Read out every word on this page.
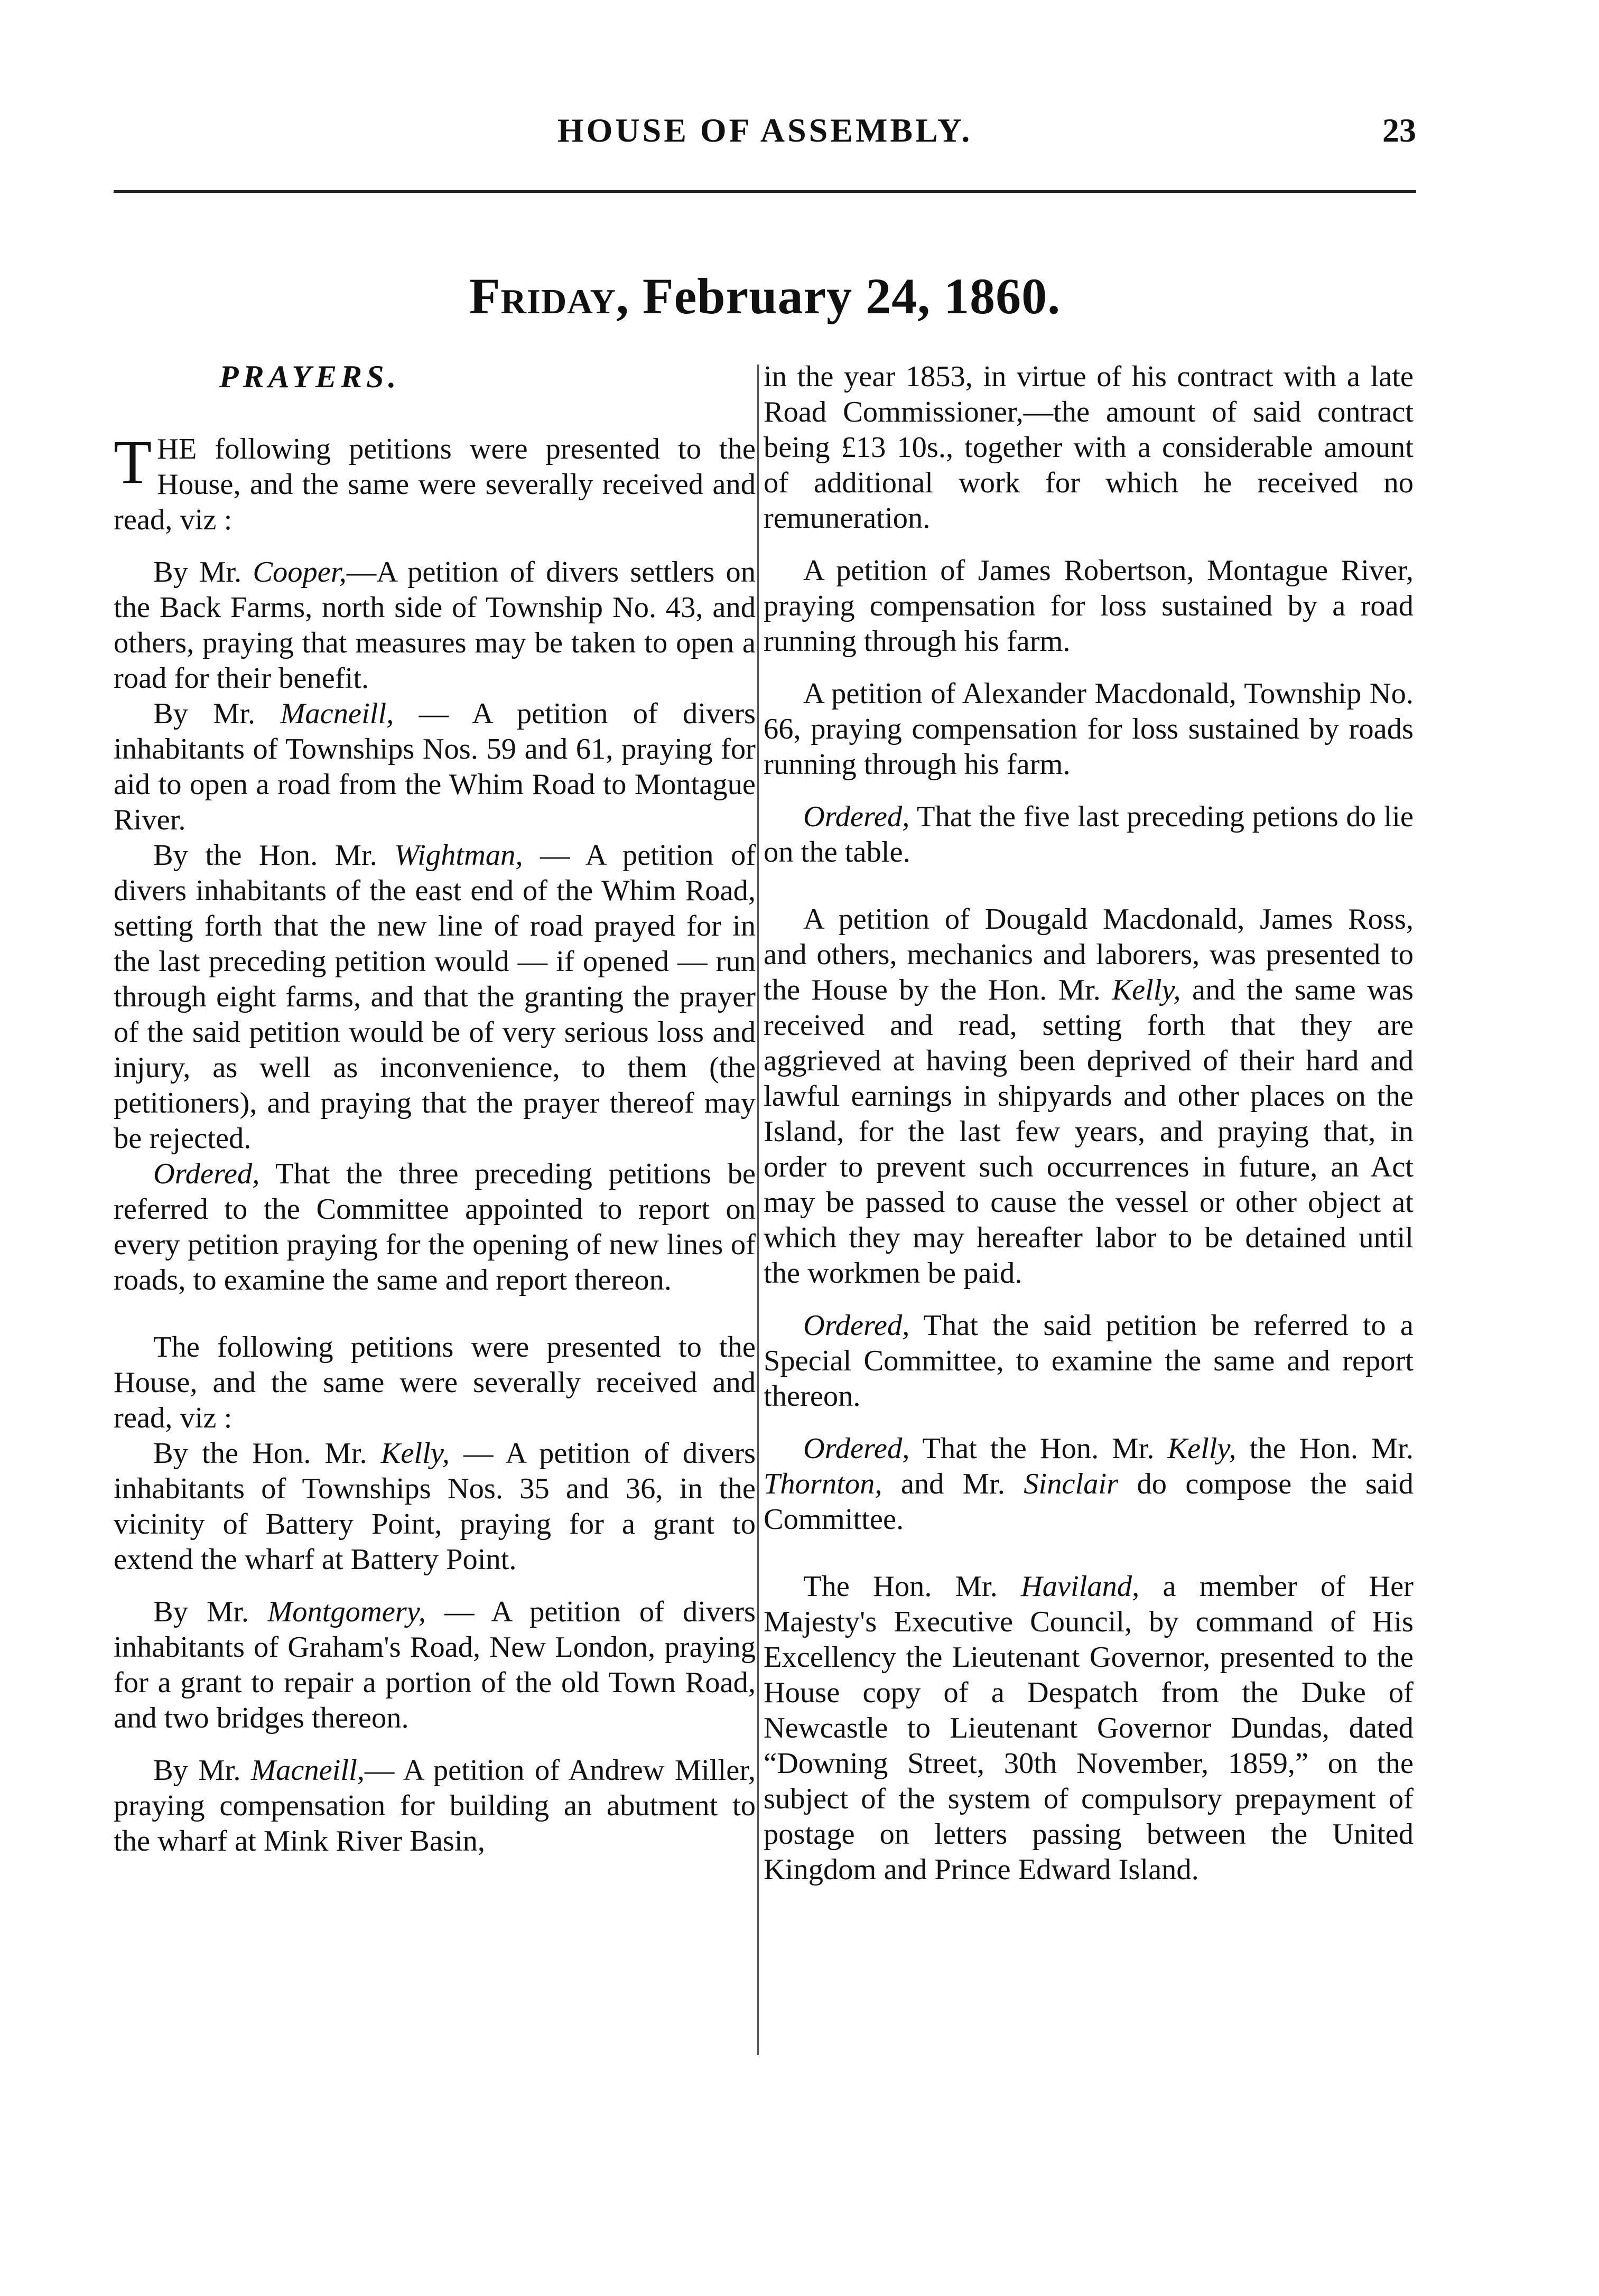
HOUSE OF ASSEMBLY.	23
Friday, February 24, 1860.
PRAYERS.

THE following petitions were presented to the House, and the same were severally received and read, viz :

By Mr. Cooper,—A petition of divers settlers on the Back Farms, north side of Township No. 43, and others, praying that measures may be taken to open a road for their benefit.

By Mr. Macneill, — A petition of divers inhabitants of Townships Nos. 59 and 61, praying for aid to open a road from the Whim Road to Montague River.

By the Hon. Mr. Wightman, — A petition of divers inhabitants of the east end of the Whim Road, setting forth that the new line of road prayed for in the last preceding petition would — if opened — run through eight farms, and that the granting the prayer of the said petition would be of very serious loss and injury, as well as inconvenience, to them (the petitioners), and praying that the prayer thereof may be rejected.

Ordered, That the three preceding petitions be referred to the Committee appointed to report on every petition praying for the opening of new lines of roads, to examine the same and report thereon.

The following petitions were presented to the House, and the same were severally received and read, viz :

By the Hon. Mr. Kelly, — A petition of divers inhabitants of Townships Nos. 35 and 36, in the vicinity of Battery Point, praying for a grant to extend the wharf at Battery Point.

By Mr. Montgomery, — A petition of divers inhabitants of Graham's Road, New London, praying for a grant to repair a portion of the old Town Road, and two bridges thereon.

By Mr. Macneill,— A petition of Andrew Miller, praying compensation for building an abutment to the wharf at Mink River Basin,

in the year 1853, in virtue of his contract with a late Road Commissioner,—the amount of said contract being £13 10s., together with a considerable amount of additional work for which he received no remuneration.

A petition of James Robertson, Montague River, praying compensation for loss sustained by a road running through his farm.

A petition of Alexander Macdonald, Township No. 66, praying compensation for loss sustained by roads running through his farm.

Ordered, That the five last preceding petions do lie on the table.

A petition of Dougald Macdonald, James Ross, and others, mechanics and laborers, was presented to the House by the Hon. Mr. Kelly, and the same was received and read, setting forth that they are aggrieved at having been deprived of their hard and lawful earnings in shipyards and other places on the Island, for the last few years, and praying that, in order to prevent such occurrences in future, an Act may be passed to cause the vessel or other object at which they may hereafter labor to be detained until the workmen be paid.

Ordered, That the said petition be referred to a Special Committee, to examine the same and report thereon.

Ordered, That the Hon. Mr. Kelly, the Hon. Mr. Thornton, and Mr. Sinclair do compose the said Committee.

The Hon. Mr. Haviland, a member of Her Majesty's Executive Council, by command of His Excellency the Lieutenant Governor, presented to the House copy of a Despatch from the Duke of Newcastle to Lieutenant Governor Dundas, dated “Downing Street, 30th November, 1859,” on the subject of the system of compulsory prepayment of postage on letters passing between the United Kingdom and Prince Edward Island.
